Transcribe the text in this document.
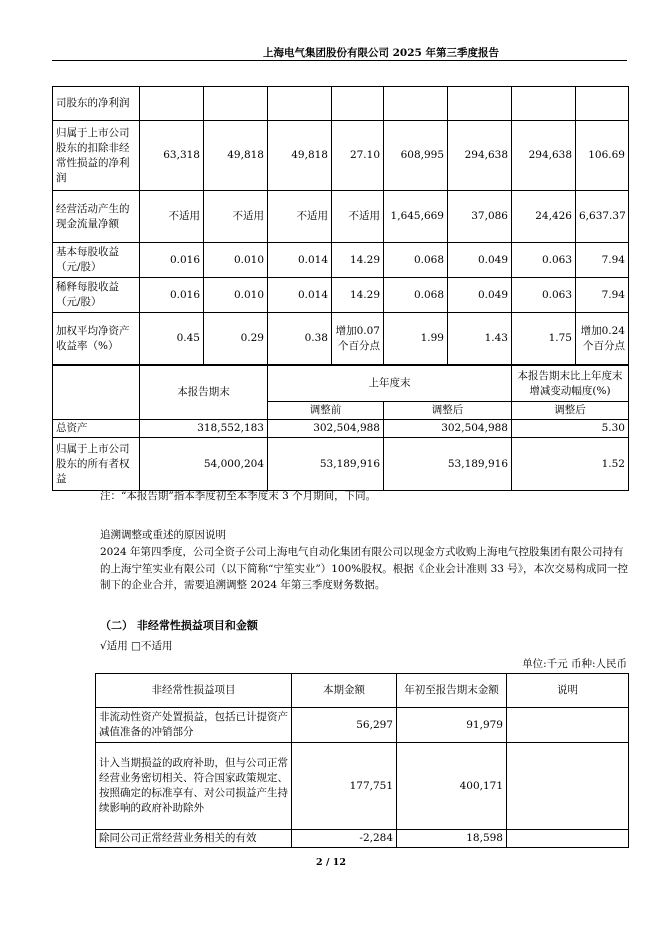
上海电气集团股份有限公司 2025 年第三季度报告
司股东的净利润								
归属于上市公司股东的扣除非经常性损益的净利润	63,318	49,818	49,818	27.10	608,995	294,638	294,638	106.69
经营活动产生的现金流量净额	不适用	不适用	不适用	不适用	1,645,669	37,086	24,426	6,637.37
基本每股收益（元/股）	0.016	0.010	0.014	14.29	0.068	0.049	0.063	7.94
稀释每股收益（元/股）	0.016	0.010	0.014	14.29	0.068	0.049	0.063	7.94
加权平均净资产收益率（%）	0.45	0.29	0.38	增加0.07 个百分点	1.99	1.43	1.75	增加0.24 个百分点
	本报告期末	上年度末		本报告期末比上年度末增减变动幅度(%)
		调整前	调整后	调整后
总资产	318,552,183	302,504,988	302,504,988	5.30
归属于上市公司股东的所有者权益	54,000,204	53,189,916	53,189,916	1.52
注：“本报告期”指本季度初至本季度末 3 个月期间，下同。
追溯调整或重述的原因说明
2024 年第四季度，公司全资子公司上海电气自动化集团有限公司以现金方式收购上海电气控股集团有限公司持有的上海宁笙实业有限公司（以下简称“宁笙实业”）100%股权。根据《企业会计准则 33 号》，本次交易构成同一控制下的企业合并，需要追溯调整 2024 年第三季度财务数据。
（二） 非经常性损益项目和金额
√适用 □不适用
单位:千元 币种:人民币
非经常性损益项目	本期金额	年初至报告期末金额	说明
非流动性资产处置损益，包括已计提资产减值准备的冲销部分	56,297	91,979	
计入当期损益的政府补助，但与公司正常经营业务密切相关、符合国家政策规定、按照确定的标准享有、对公司损益产生持续影响的政府补助除外	177,751	400,171	
除同公司正常经营业务相关的有效	-2,284	18,598	
2 / 12
